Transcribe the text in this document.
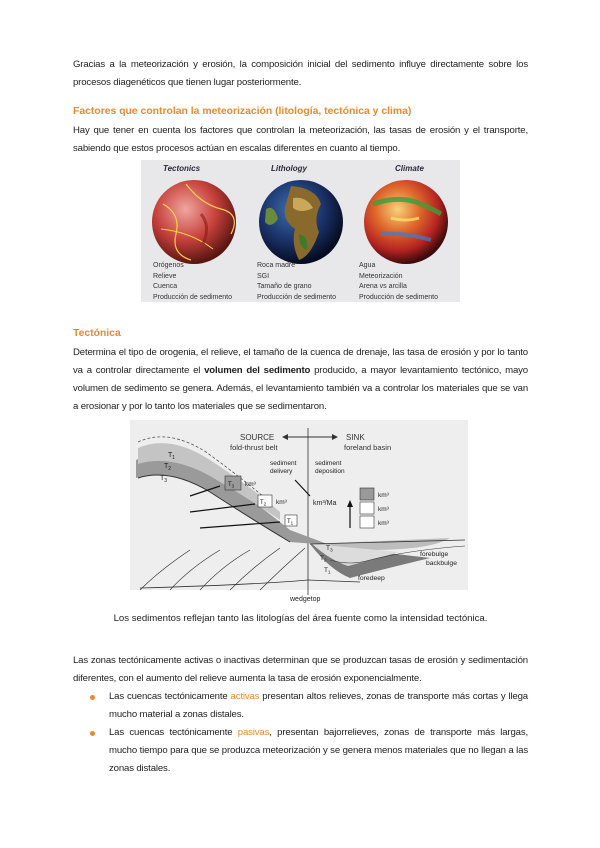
Gracias a la meteorización y erosión, la composición inicial del sedimento influye directamente sobre los procesos diagenéticos que tienen lugar posteriormente.
Factores que controlan la meteorización (litología, tectónica y clima)
Hay que tener en cuenta los factores que controlan la meteorización, las tasas de erosión y el transporte, sabiendo que estos procesos actúan en escalas diferentes en cuanto al tiempo.
Tectonics	Lithology	Climate
Orógenos
Relieve
Cuenca
Producción de sedimento
Roca madre
SGI
Tamaño de grano
Producción de sedimento
Agua
Meteorización
Arena vs arcilla
Producción de sedimento
Tectónica
Determina el tipo de orogenia, el relieve, el tamaño de la cuenca de drenaje, las tasa de erosión y por lo tanto va a controlar directamente el volumen del sedimento producido, a mayor levantamiento tectónico, mayo volumen de sedimento se genera. Además, el levantamiento también va a controlar los materiales que se van a erosionar y por lo tanto los materiales que se sedimentaron.
SOURCE
fold-thrust belt
SINK
foreland basin
$T_1$
$T_2$
$T_3$
$T_3$ km³
$T_2$ km³
$T_1$
sediment delivery
sediment deposition
km³/Ma
km³
km³
km³
$T_3$
$T_2$
$T_1$
forebulge
backbulge
foredeep
wedgetop
Los sedimentos reflejan tanto las litologías del área fuente como la intensidad tectónica.
Las zonas tectónicamente activas o inactivas determinan que se produzcan tasas de erosión y sedimentación diferentes, con el aumento del relieve aumenta la tasa de erosión exponencialmente.
Las cuencas tectónicamente activas presentan altos relieves, zonas de transporte más cortas y llega mucho material a zonas distales.
Las cuencas tectónicamente pasivas, presentan bajorrelieves, zonas de transporte más largas, mucho tiempo para que se produzca meteorización y se genera menos materiales que no llegan a las zonas distales.
